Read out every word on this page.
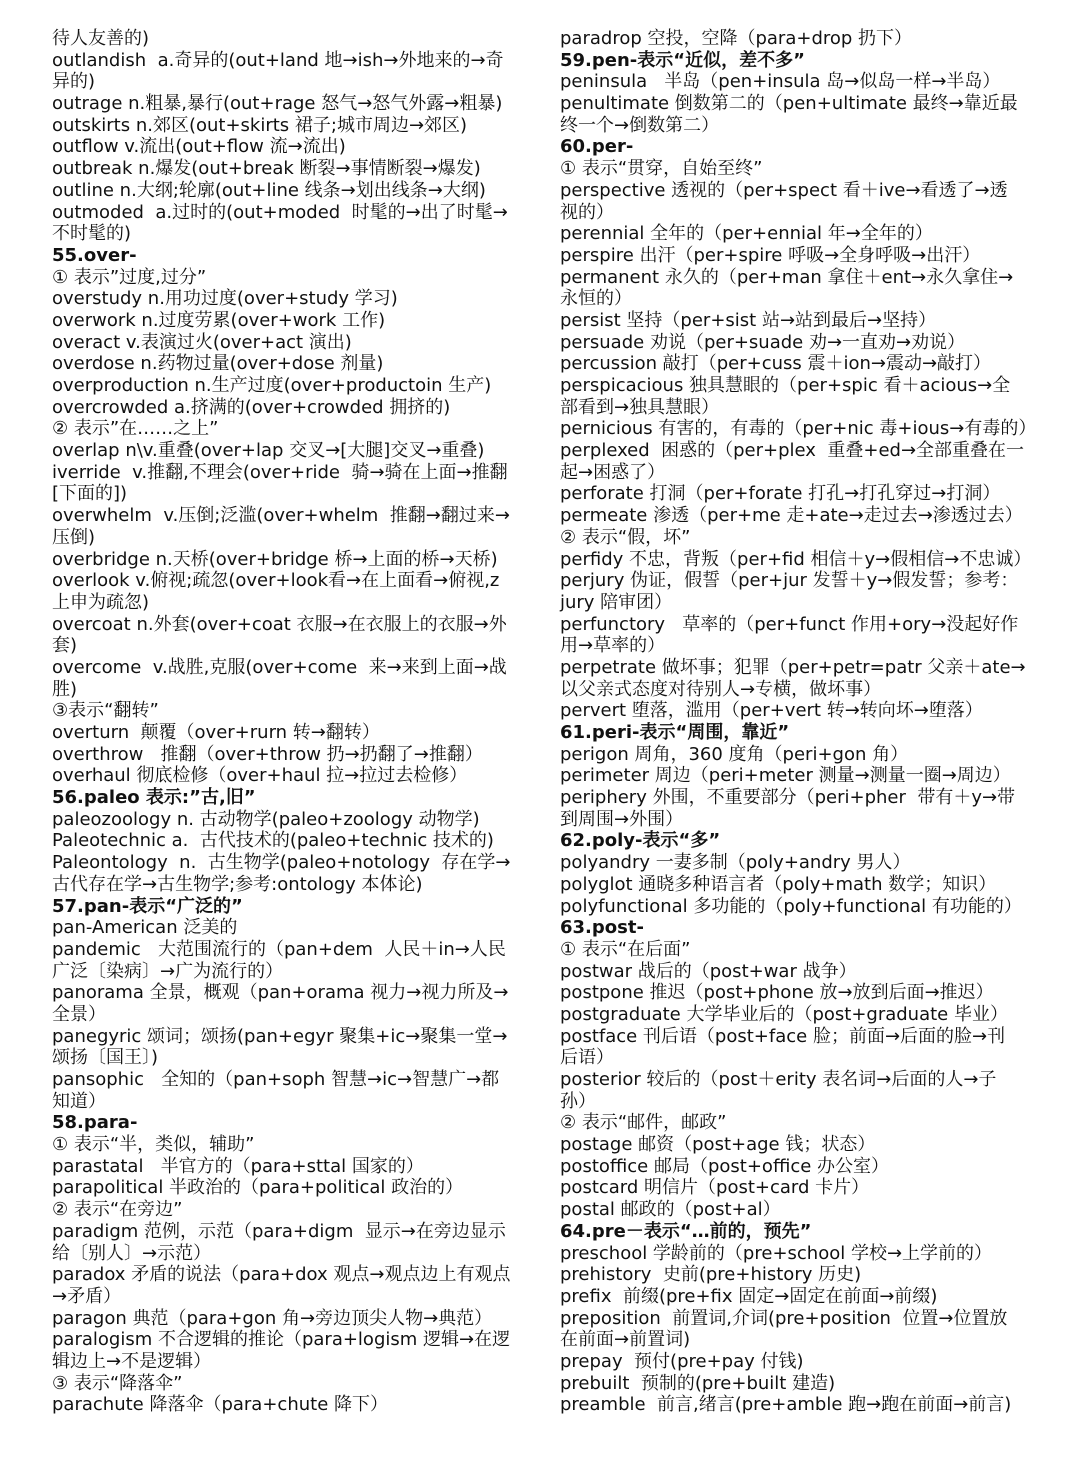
待人友善的)
outlandish  a.奇异的(out+land 地→ish→外地来的→奇
异的)
outrage n.粗暴,暴行(out+rage 怒气→怒气外露→粗暴)
outskirts n.郊区(out+skirts 裙子;城市周边→郊区)
outflow v.流出(out+flow 流→流出)
outbreak n.爆发(out+break 断裂→事情断裂→爆发)
outline n.大纲;轮廓(out+line 线条→划出线条→大纲)
outmoded  a.过时的(out+moded  时髦的→出了时髦→
不时髦的)
55.over-
① 表示”过度,过分”
overstudy n.用功过度(over+study 学习)
overwork n.过度劳累(over+work 工作)
overact v.表演过火(over+act 演出)
overdose n.药物过量(over+dose 剂量)
overproduction n.生产过度(over+productoin 生产)
overcrowded a.挤满的(over+crowded 拥挤的)
② 表示”在……之上”
overlap n\v.重叠(over+lap 交叉→[大腿]交叉→重叠)
iverride  v.推翻,不理会(over+ride  骑→骑在上面→推翻
[下面的])
overwhelm  v.压倒;泛滥(over+whelm  推翻→翻过来→
压倒)
overbridge n.天桥(over+bridge 桥→上面的桥→天桥)
overlook v.俯视;疏忽(over+look看→在上面看→俯视,z
上申为疏忽)
overcoat n.外套(over+coat 衣服→在衣服上的衣服→外
套)
overcome  v.战胜,克服(over+come  来→来到上面→战
胜)
③表示“翻转”
overturn  颠覆（over+rurn 转→翻转）
overthrow   推翻（over+throw 扔→扔翻了→推翻）
overhaul 彻底检修（over+haul 拉→拉过去检修）
56.paleo 表示:”古,旧”
paleozoology n. 古动物学(paleo+zoology 动物学)
Paleotechnic a.  古代技术的(paleo+technic 技术的)
Paleontology  n.  古生物学(paleo+notology  存在学→
古代存在学→古生物学;参考:ontology 本体论)
57.pan-表示“广泛的”
pan-American 泛美的
pandemic   大范围流行的（pan+dem  人民＋in→人民
广泛〔染病〕→广为流行的）
panorama 全景，概观（pan+orama 视力→视力所及→
全景）
panegyric 颂词；颂扬(pan+egyr 聚集+ic→聚集一堂→
颂扬〔国王〕)
pansophic   全知的（pan+soph 智慧→ic→智慧广→都
知道）
58.para-
① 表示“半，类似，辅助”
parastatal   半官方的（para+sttal 国家的）
parapolitical 半政治的（para+political 政治的）
② 表示“在旁边”
paradigm 范例，示范（para+digm  显示→在旁边显示
给〔别人〕→示范）
paradox 矛盾的说法（para+dox 观点→观点边上有观点
→矛盾）
paragon 典范（para+gon 角→旁边顶尖人物→典范）
paralogism 不合逻辑的推论（para+logism 逻辑→在逻
辑边上→不是逻辑）
③ 表示“降落伞”
parachute 降落伞（para+chute 降下）
paradrop 空投，空降（para+drop 扔下）
59.pen-表示“近似，差不多”
peninsula   半岛（pen+insula 岛→似岛一样→半岛）
penultimate 倒数第二的（pen+ultimate 最终→靠近最
终一个→倒数第二）
60.per-
① 表示“贯穿，自始至终”
perspective 透视的（per+spect 看＋ive→看透了→透
视的）
perennial 全年的（per+ennial 年→全年的）
perspire 出汗（per+spire 呼吸→全身呼吸→出汗）
permanent 永久的（per+man 拿住＋ent→永久拿住→
永恒的）
persist 坚持（per+sist 站→站到最后→坚持）
persuade 劝说（per+suade 劝→一直劝→劝说）
percussion 敲打（per+cuss 震＋ion→震动→敲打）
perspicacious 独具慧眼的（per+spic 看＋acious→全
部看到→独具慧眼）
pernicious 有害的，有毒的（per+nic 毒+ious→有毒的）
perplexed  困惑的（per+plex  重叠+ed→全部重叠在一
起→困惑了）
perforate 打洞（per+forate 打孔→打孔穿过→打洞）
permeate 渗透（per+me 走+ate→走过去→渗透过去）
② 表示“假，坏”
perfidy 不忠，背叛（per+fid 相信＋y→假相信→不忠诚）
perjury 伪证，假誓（per+jur 发誓＋y→假发誓；参考：
jury 陪审团）
perfunctory   草率的（per+funct 作用+ory→没起好作
用→草率的）
perpetrate 做坏事；犯罪（per+petr=patr 父亲＋ate→
以父亲式态度对待别人→专横，做坏事）
pervert 堕落，滥用（per+vert 转→转向坏→堕落）
61.peri-表示“周围，靠近”
perigon 周角，360 度角（peri+gon 角）
perimeter 周边（peri+meter 测量→测量一圈→周边）
periphery 外围，不重要部分（peri+pher  带有＋y→带
到周围→外围）
62.poly-表示“多”
polyandry 一妻多制（poly+andry 男人）
polyglot 通晓多种语言者（poly+math 数学；知识）
polyfunctional 多功能的（poly+functional 有功能的）
63.post-
① 表示“在后面”
postwar 战后的（post+war 战争）
postpone 推迟（post+phone 放→放到后面→推迟）
postgraduate 大学毕业后的（post+graduate 毕业）
postface 刊后语（post+face 脸；前面→后面的脸→刊
后语）
posterior 较后的（post＋erity 表名词→后面的人→子
孙）
② 表示“邮件，邮政”
postage 邮资（post+age 钱；状态）
postoffice 邮局（post+office 办公室）
postcard 明信片（post+card 卡片）
postal 邮政的（post+al）
64.pre－表示“…前的，预先”
preschool 学龄前的（pre+school 学校→上学前的）
prehistory  史前(pre+history 历史)
prefix  前缀(pre+fix 固定→固定在前面→前缀)
preposition  前置词,介词(pre+position  位置→位置放
在前面→前置词)
prepay  预付(pre+pay 付钱)
prebuilt  预制的(pre+built 建造)
preamble  前言,绪言(pre+amble 跑→跑在前面→前言)
